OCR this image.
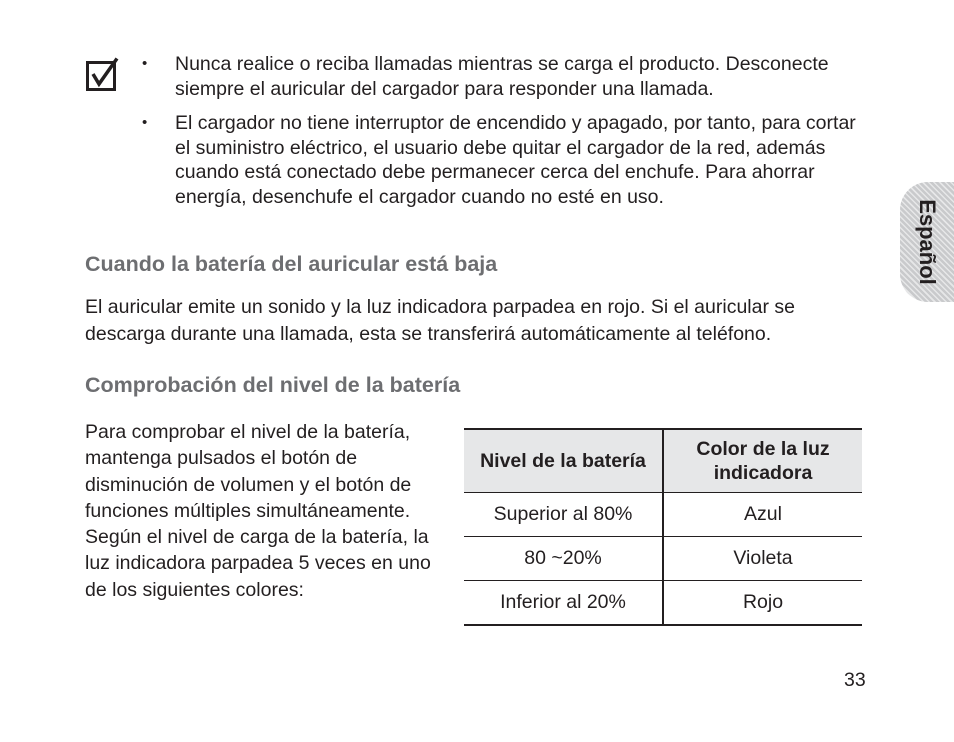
• Nunca realice o reciba llamadas mientras se carga el producto. Desconecte siempre el auricular del cargador para responder una llamada.
• El cargador no tiene interruptor de encendido y apagado, por tanto, para cortar el suministro eléctrico, el usuario debe quitar el cargador de la red, además cuando está conectado debe permanecer cerca del enchufe. Para ahorrar energía, desenchufe el cargador cuando no esté en uso.
Cuando la batería del auricular está baja
El auricular emite un sonido y la luz indicadora parpadea en rojo. Si el auricular se descarga durante una llamada, esta se transferirá automáticamente al teléfono.
Comprobación del nivel de la batería
Para comprobar el nivel de la batería, mantenga pulsados el botón de disminución de volumen y el botón de funciones múltiples simultáneamente. Según el nivel de carga de la batería, la luz indicadora parpadea 5 veces en uno de los siguientes colores:
Nivel de la batería	Color de la luz indicadora
Superior al 80%	Azul
80 ~20%	Violeta
Inferior al 20%	Rojo
Español
33
